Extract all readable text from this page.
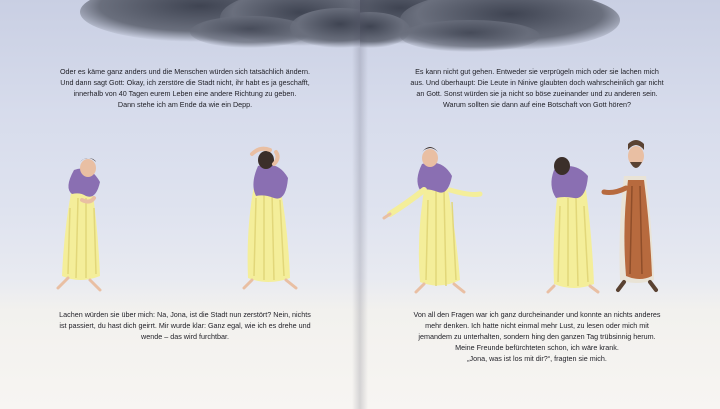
Oder es käme ganz anders und die Menschen würden sich tatsächlich ändern.
Und dann sagt Gott: Okay, ich zerstöre die Stadt nicht, ihr habt es ja geschafft,
innerhalb von 40 Tagen eurem Leben eine andere Richtung zu geben.
Dann stehe ich am Ende da wie ein Depp.
Lachen würden sie über mich: Na, Jona, ist die Stadt nun zerstört? Nein, nichts
ist passiert, du hast dich geirrt. Mir wurde klar: Ganz egal, wie ich es drehe und
wende – das wird furchtbar.
Es kann nicht gut gehen. Entweder sie verprügeln mich oder sie lachen mich
aus. Und überhaupt: Die Leute in Ninive glaubten doch wahrscheinlich gar nicht
an Gott. Sonst würden sie ja nicht so böse zueinander und zu anderen sein.
Warum sollten sie dann auf eine Botschaft von Gott hören?
Von all den Fragen war ich ganz durcheinander und konnte an nichts anderes
mehr denken. Ich hatte nicht einmal mehr Lust, zu lesen oder mich mit
jemandem zu unterhalten, sondern hing den ganzen Tag trübsinnig herum.
Meine Freunde befürchteten schon, ich wäre krank.
„Jona, was ist los mit dir?“, fragten sie mich.
